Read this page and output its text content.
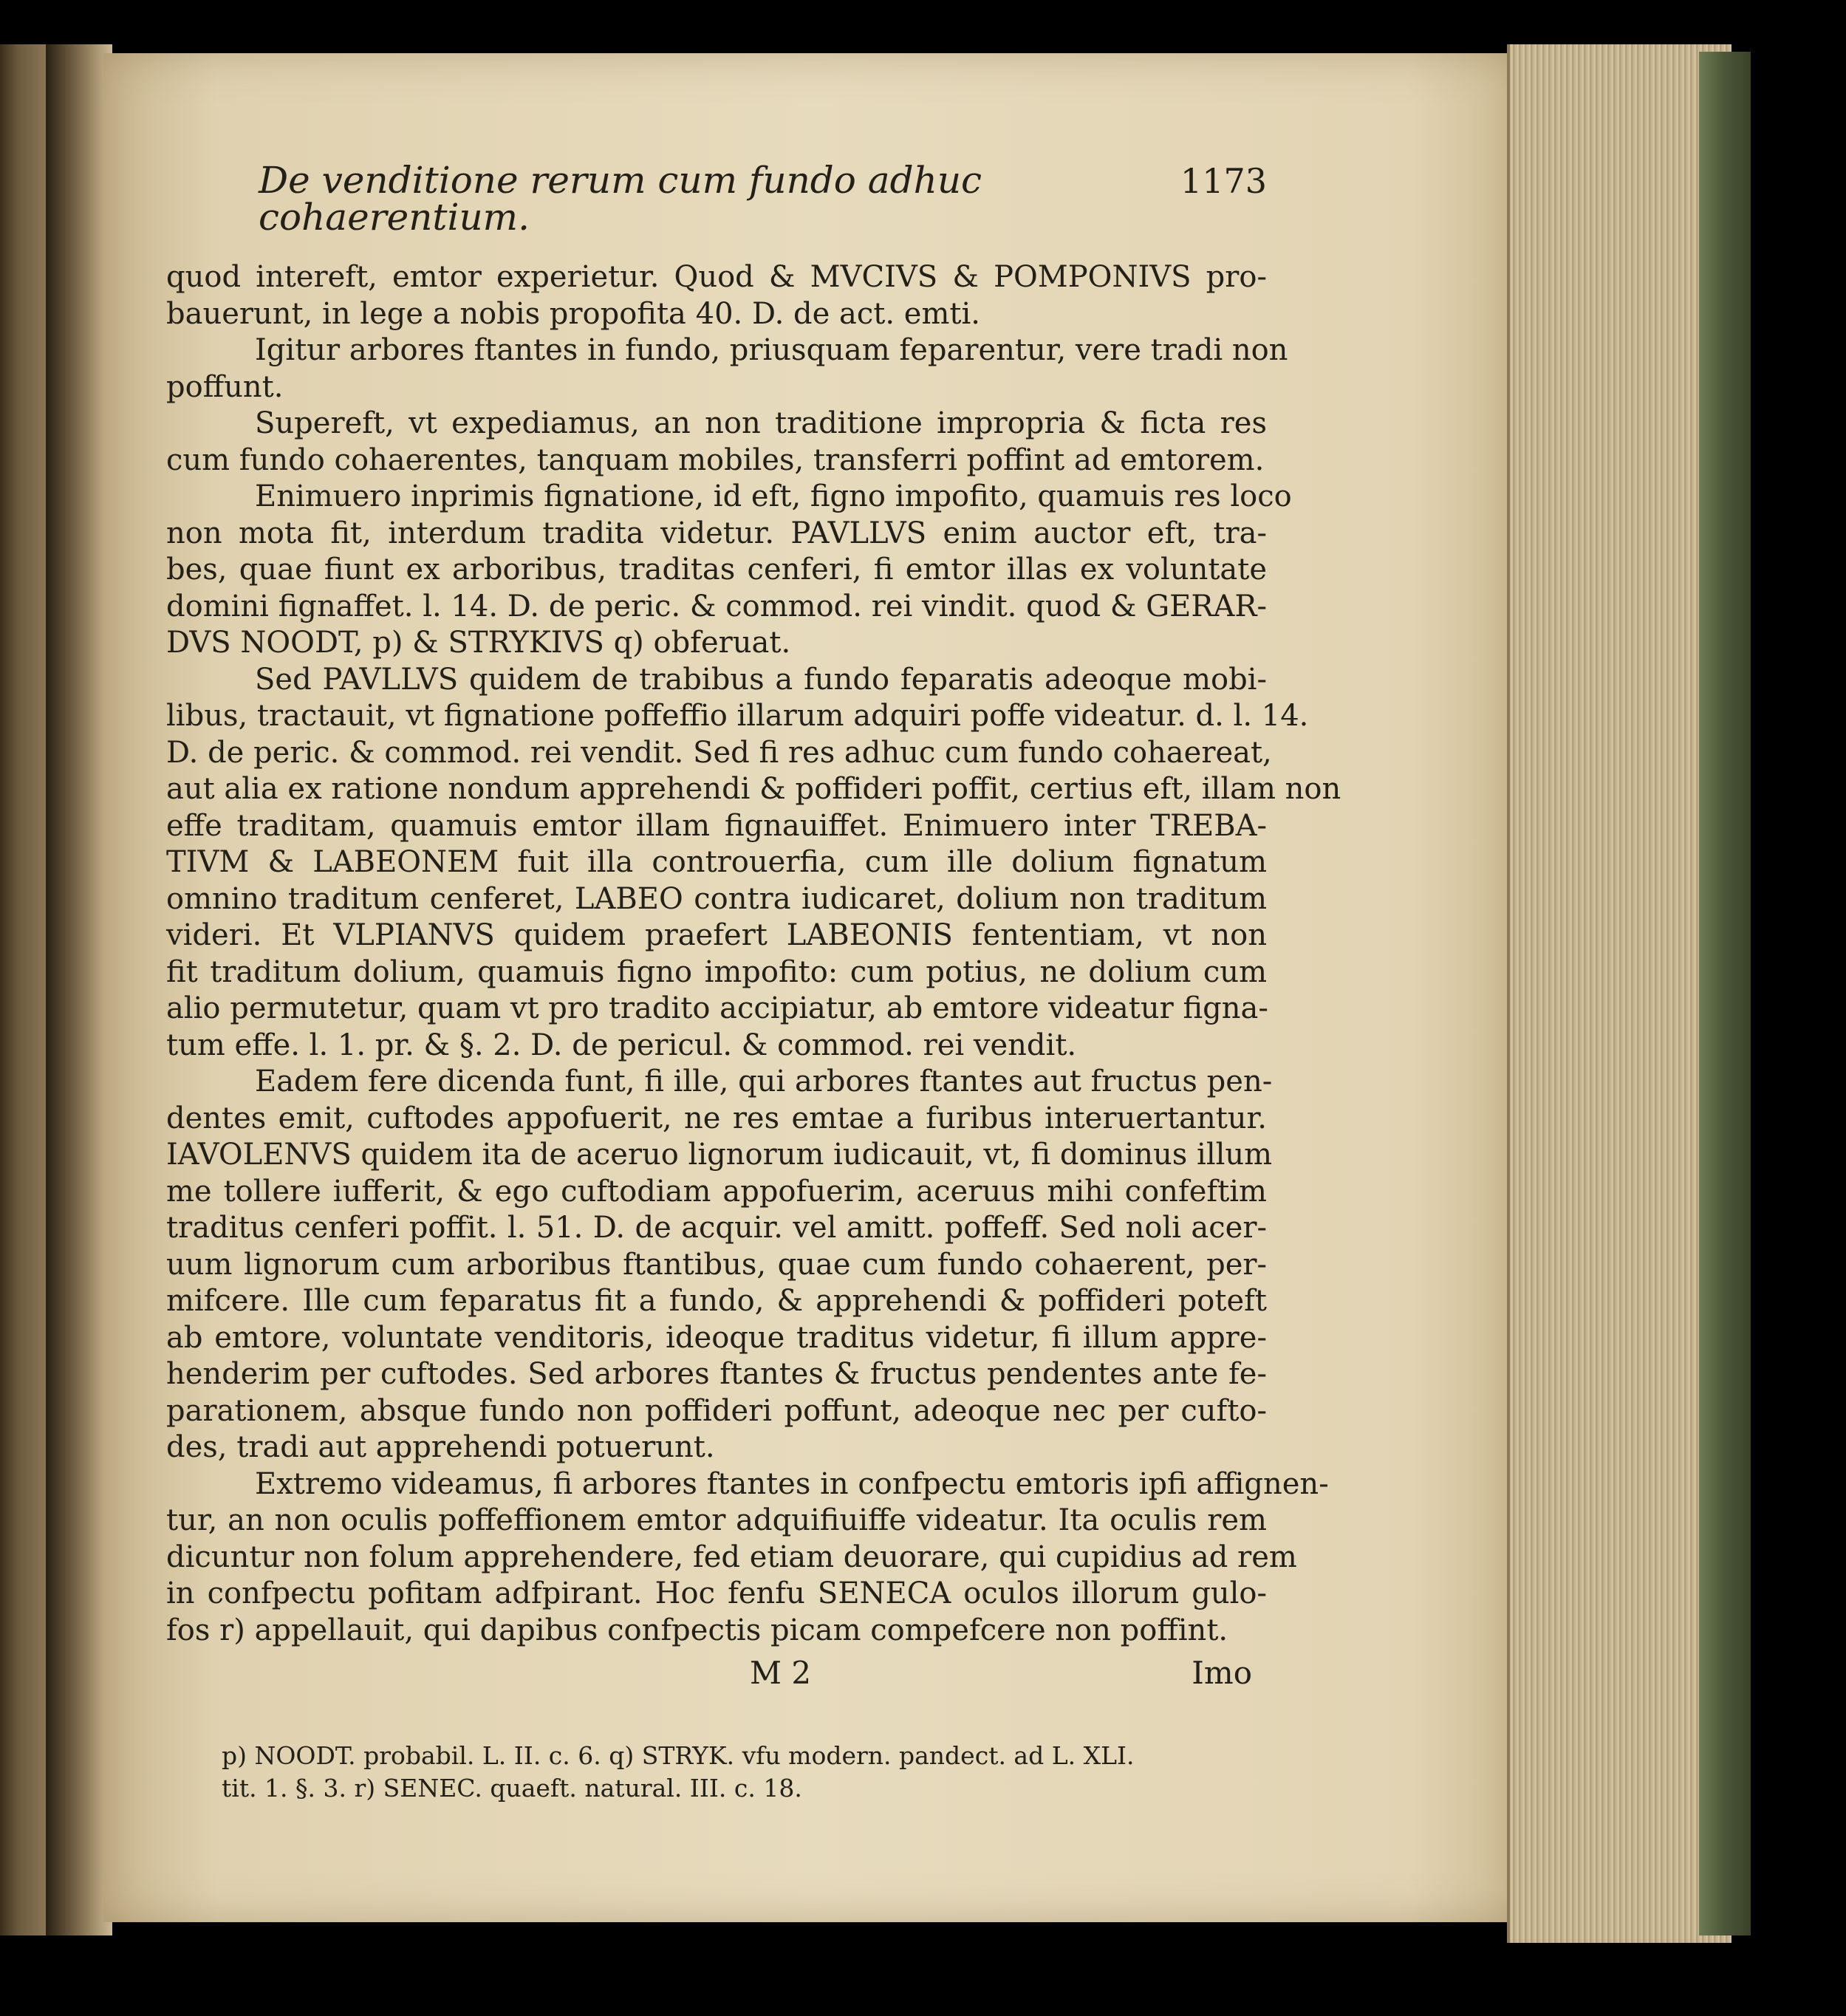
De venditione rerum cum fundo adhuc cohaerentium.
1173
quod intereft, emtor experietur. Quod & MVCIVS & POMPONIVS pro-
bauerunt, in lege a nobis propofita 40. D. de act. emti.
Igitur arbores ftantes in fundo, priusquam feparentur, vere tradi non
poffunt.
Supereft, vt expediamus, an non traditione impropria & ficta res
cum fundo cohaerentes, tanquam mobiles, transferri poffint ad emtorem.
Enimuero inprimis fignatione, id eft, figno impofito, quamuis res loco
non mota fit, interdum tradita videtur. PAVLLVS enim auctor eft, tra-
bes, quae fiunt ex arboribus, traditas cenferi, fi emtor illas ex voluntate
domini fignaffet. l. 14. D. de peric. & commod. rei vindit. quod & GERAR-
DVS NOODT, p) & STRYKIVS q) obferuat.
Sed PAVLLVS quidem de trabibus a fundo feparatis adeoque mobi-
libus, tractauit, vt fignatione poffeffio illarum adquiri poffe videatur. d. l. 14.
D. de peric. & commod. rei vendit. Sed fi res adhuc cum fundo cohaereat,
aut alia ex ratione nondum apprehendi & poffideri poffit, certius eft, illam non
effe traditam, quamuis emtor illam fignauiffet. Enimuero inter TREBA-
TIVM & LABEONEM fuit illa controuerfia, cum ille dolium fignatum
omnino traditum cenferet, LABEO contra iudicaret, dolium non traditum
videri. Et VLPIANVS quidem praefert LABEONIS fententiam, vt non
fit traditum dolium, quamuis figno impofito: cum potius, ne dolium cum
alio permutetur, quam vt pro tradito accipiatur, ab emtore videatur figna-
tum effe. l. 1. pr. & §. 2. D. de pericul. & commod. rei vendit.
Eadem fere dicenda funt, fi ille, qui arbores ftantes aut fructus pen-
dentes emit, cuftodes appofuerit, ne res emtae a furibus interuertantur.
IAVOLENVS quidem ita de aceruo lignorum iudicauit, vt, fi dominus illum
me tollere iufferit, & ego cuftodiam appofuerim, aceruus mihi confeftim
traditus cenferi poffit. l. 51. D. de acquir. vel amitt. poffeff. Sed noli acer-
uum lignorum cum arboribus ftantibus, quae cum fundo cohaerent, per-
mifcere. Ille cum feparatus fit a fundo, & apprehendi & poffideri poteft
ab emtore, voluntate venditoris, ideoque traditus videtur, fi illum appre-
henderim per cuftodes. Sed arbores ftantes & fructus pendentes ante fe-
parationem, absque fundo non poffideri poffunt, adeoque nec per cufto-
des, tradi aut apprehendi potuerunt.
Extremo videamus, fi arbores ftantes in confpectu emtoris ipfi affignen-
tur, an non oculis poffeffionem emtor adquifiuiffe videatur. Ita oculis rem
dicuntur non folum apprehendere, fed etiam deuorare, qui cupidius ad rem
in confpectu pofitam adfpirant. Hoc fenfu SENECA oculos illorum gulo-
fos r) appellauit, qui dapibus confpectis picam compefcere non poffint.
M 2	Imo
p) NOODT. probabil. L. II. c. 6. q) STRYK. vfu modern. pandect. ad L. XLI.
tit. 1. §. 3. r) SENEC. quaeft. natural. III. c. 18.
